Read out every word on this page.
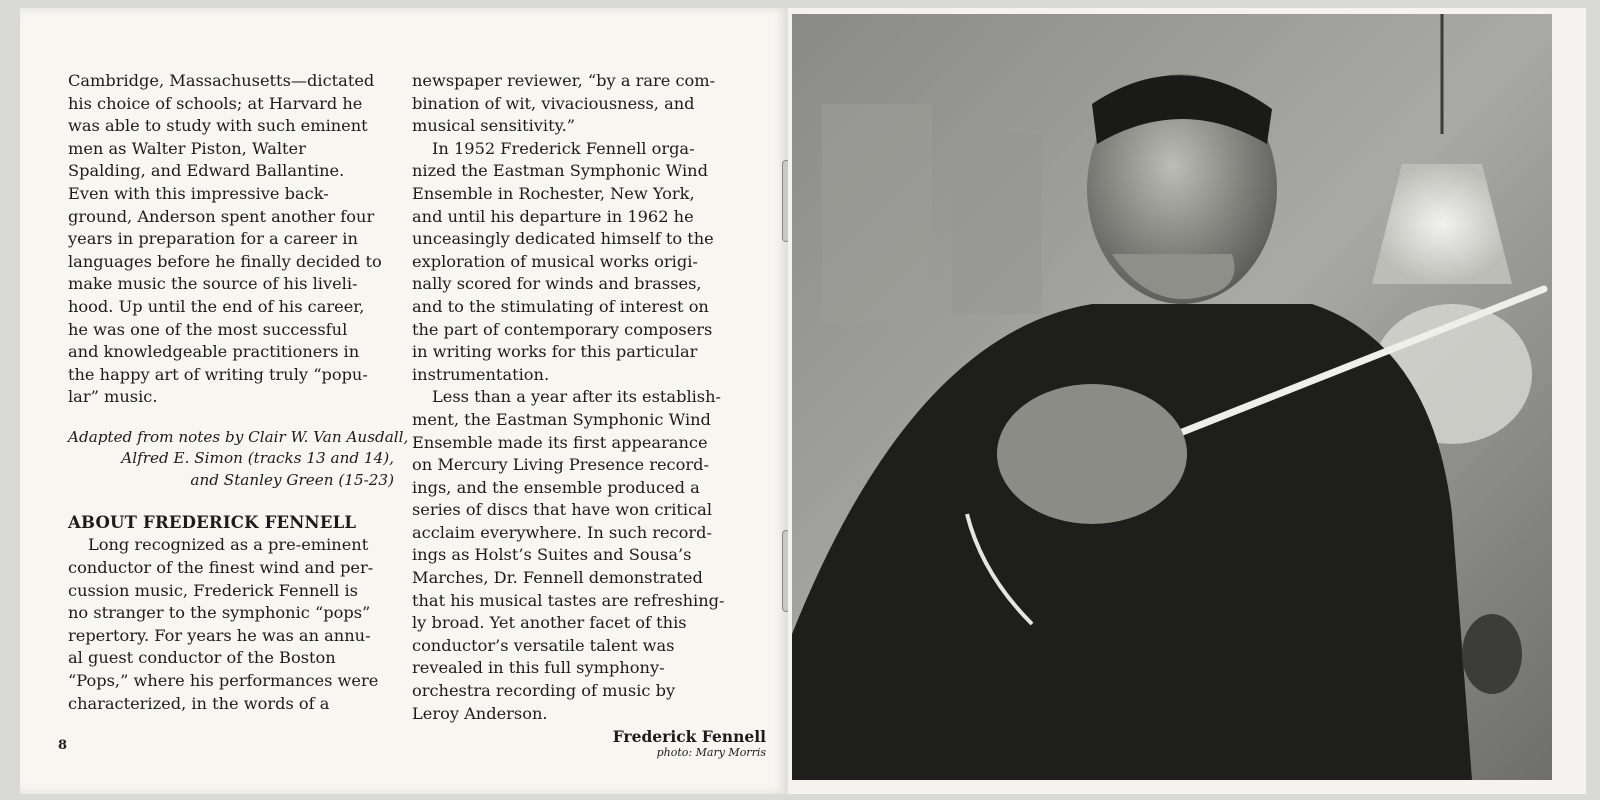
Cambridge, Massachusetts—dictated
his choice of schools; at Harvard he
was able to study with such eminent
men as Walter Piston, Walter
Spalding, and Edward Ballantine.
Even with this impressive back-
ground, Anderson spent another four
years in preparation for a career in
languages before he finally decided to
make music the source of his liveli-
hood. Up until the end of his career,
he was one of the most successful
and knowledgeable practitioners in
the happy art of writing truly “popu-
lar” music.
Adapted from notes by Clair W. Van Ausdall,
Alfred E. Simon (tracks 13 and 14),
and Stanley Green (15-23)
ABOUT FREDERICK FENNELL
Long recognized as a pre-eminent
conductor of the finest wind and per-
cussion music, Frederick Fennell is
no stranger to the symphonic “pops”
repertory. For years he was an annu-
al guest conductor of the Boston
“Pops,” where his performances were
characterized, in the words of a
newspaper reviewer, “by a rare com-
bination of wit, vivaciousness, and
musical sensitivity.”
In 1952 Frederick Fennell orga-
nized the Eastman Symphonic Wind
Ensemble in Rochester, New York,
and until his departure in 1962 he
unceasingly dedicated himself to the
exploration of musical works origi-
nally scored for winds and brasses,
and to the stimulating of interest on
the part of contemporary composers
in writing works for this particular
instrumentation.
Less than a year after its establish-
ment, the Eastman Symphonic Wind
Ensemble made its first appearance
on Mercury Living Presence record-
ings, and the ensemble produced a
series of discs that have won critical
acclaim everywhere. In such record-
ings as Holst’s Suites and Sousa’s
Marches, Dr. Fennell demonstrated
that his musical tastes are refreshing-
ly broad. Yet another facet of this
conductor’s versatile talent was
revealed in this full symphony-
orchestra recording of music by
Leroy Anderson.
8	Frederick Fennell
photo: Mary Morris
